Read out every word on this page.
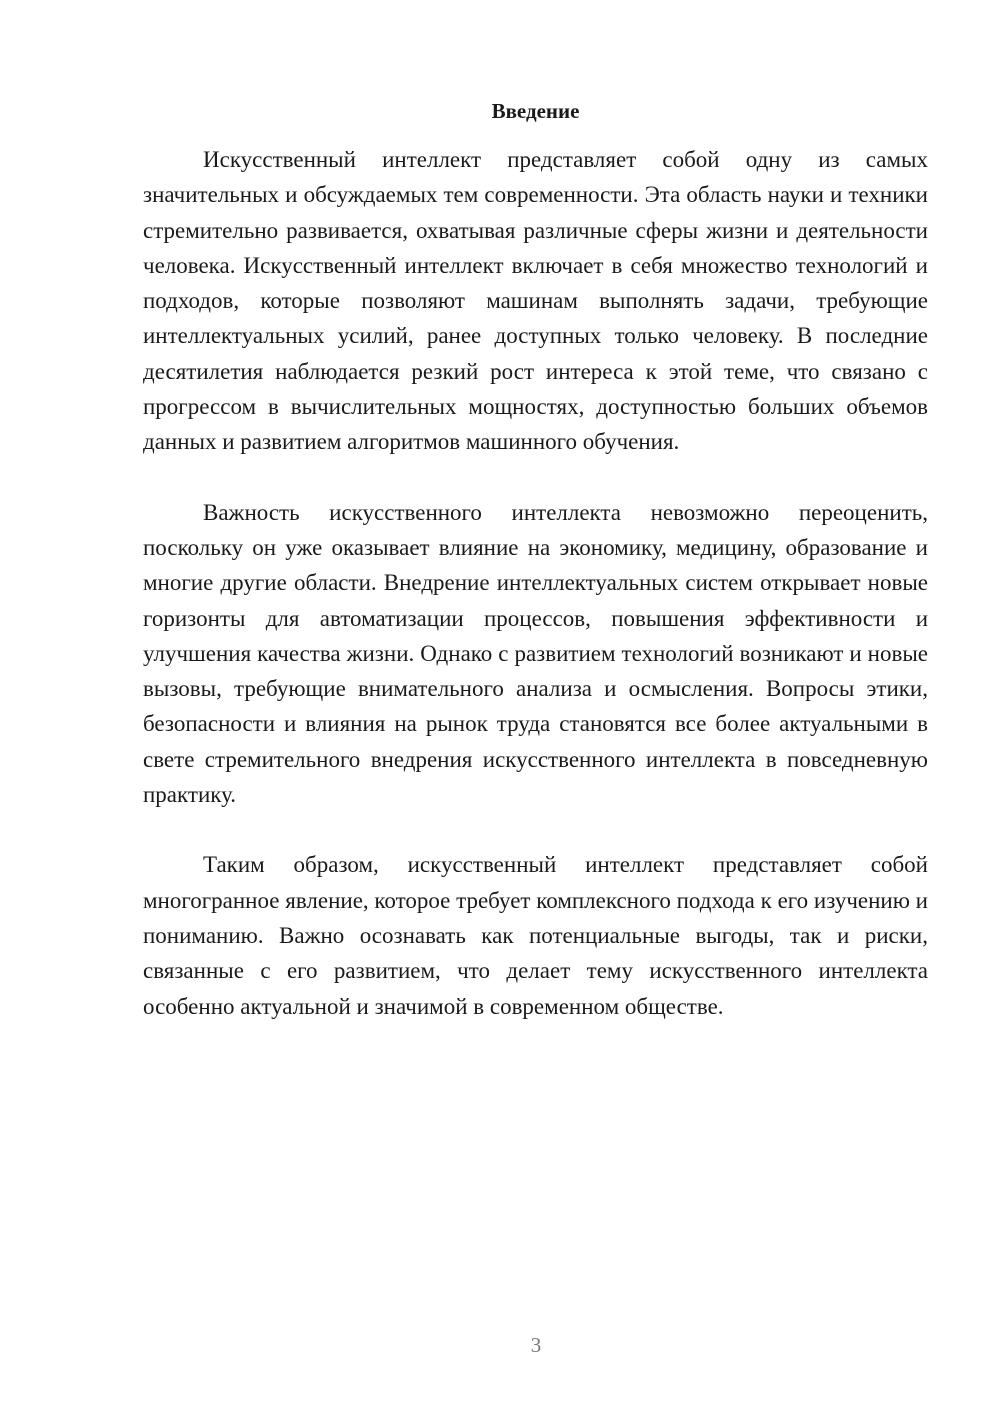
Введение

Искусственный интеллект представляет собой одну из самых значительных и обсуждаемых тем современности. Эта область науки и техники стремительно развивается, охватывая различные сферы жизни и деятельности человека. Искусственный интеллект включает в себя множество технологий и подходов, которые позволяют машинам выполнять задачи, требующие интеллектуальных усилий, ранее доступных только человеку. В последние десятилетия наблюдается резкий рост интереса к этой теме, что связано с прогрессом в вычислительных мощностях, доступностью больших объемов данных и развитием алгоритмов машинного обучения.

Важность искусственного интеллекта невозможно переоценить, поскольку он уже оказывает влияние на экономику, медицину, образование и многие другие области. Внедрение интеллектуальных систем открывает новые горизонты для автоматизации процессов, повышения эффективности и улучшения качества жизни. Однако с развитием технологий возникают и новые вызовы, требующие внимательного анализа и осмысления. Вопросы этики, безопасности и влияния на рынок труда становятся все более актуальными в свете стремительного внедрения искусственного интеллекта в повседневную практику.

Таким образом, искусственный интеллект представляет собой многогранное явление, которое требует комплексного подхода к его изучению и пониманию. Важно осознавать как потенциальные выгоды, так и риски, связанные с его развитием, что делает тему искусственного интеллекта особенно актуальной и значимой в современном обществе.

3
